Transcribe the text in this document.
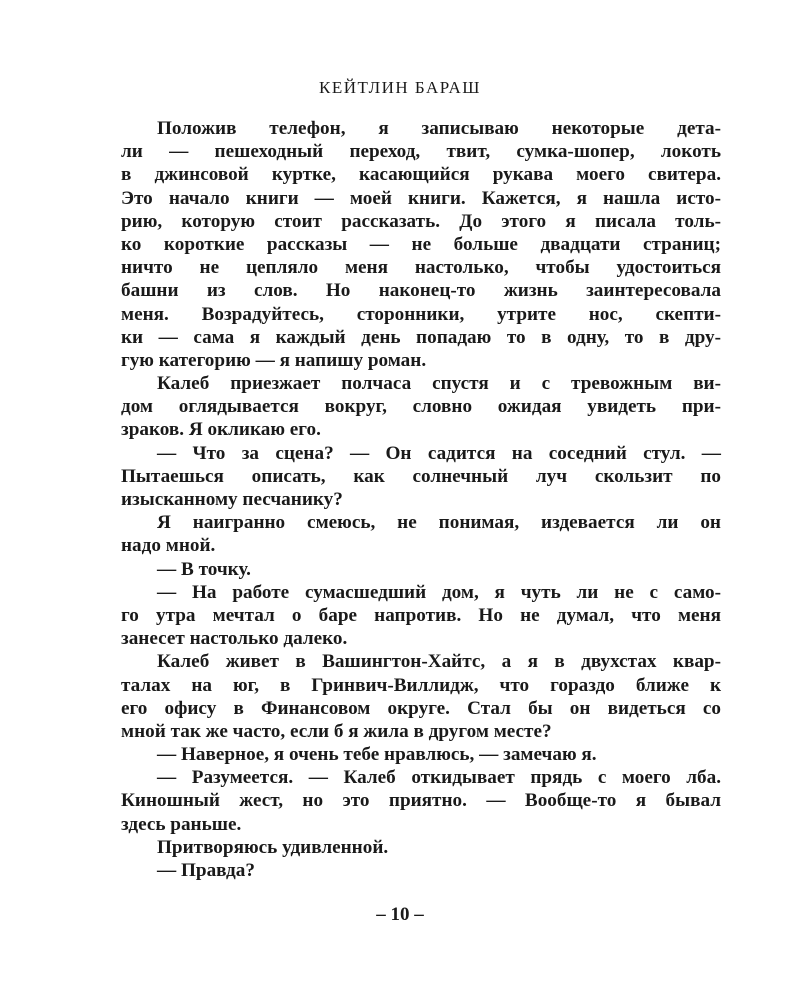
КЕЙТЛИН БАРАШ
Положив телефон, я записываю некоторые дета-
ли — пешеходный переход, твит, сумка-шопер, локоть
в джинсовой куртке, касающийся рукава моего свитера.
Это начало книги — моей книги. Кажется, я нашла исто-
рию, которую стоит рассказать. До этого я писала толь-
ко короткие рассказы — не больше двадцати страниц;
ничто не цепляло меня настолько, чтобы удостоиться
башни из слов. Но наконец-то жизнь заинтересовала
меня. Возрадуйтесь, сторонники, утрите нос, скепти-
ки — сама я каждый день попадаю то в одну, то в дру-
гую категорию — я напишу роман.
Калеб приезжает полчаса спустя и с тревожным ви-
дом оглядывается вокруг, словно ожидая увидеть при-
зраков. Я окликаю его.
— Что за сцена? — Он садится на соседний стул. —
Пытаешься описать, как солнечный луч скользит по
изысканному песчанику?
Я наигранно смеюсь, не понимая, издевается ли он
надо мной.
— В точку.
— На работе сумасшедший дом, я чуть ли не с само-
го утра мечтал о баре напротив. Но не думал, что меня
занесет настолько далеко.
Калеб живет в Вашингтон-Хайтс, а я в двухстах квар-
талах на юг, в Гринвич-Виллидж, что гораздо ближе к
его офису в Финансовом округе. Стал бы он видеться со
мной так же часто, если б я жила в другом месте?
— Наверное, я очень тебе нравлюсь, — замечаю я.
— Разумеется. — Калеб откидывает прядь с моего лба.
Киношный жест, но это приятно. — Вообще-то я бывал
здесь раньше.
Притворяюсь удивленной.
— Правда?
– 10 –
